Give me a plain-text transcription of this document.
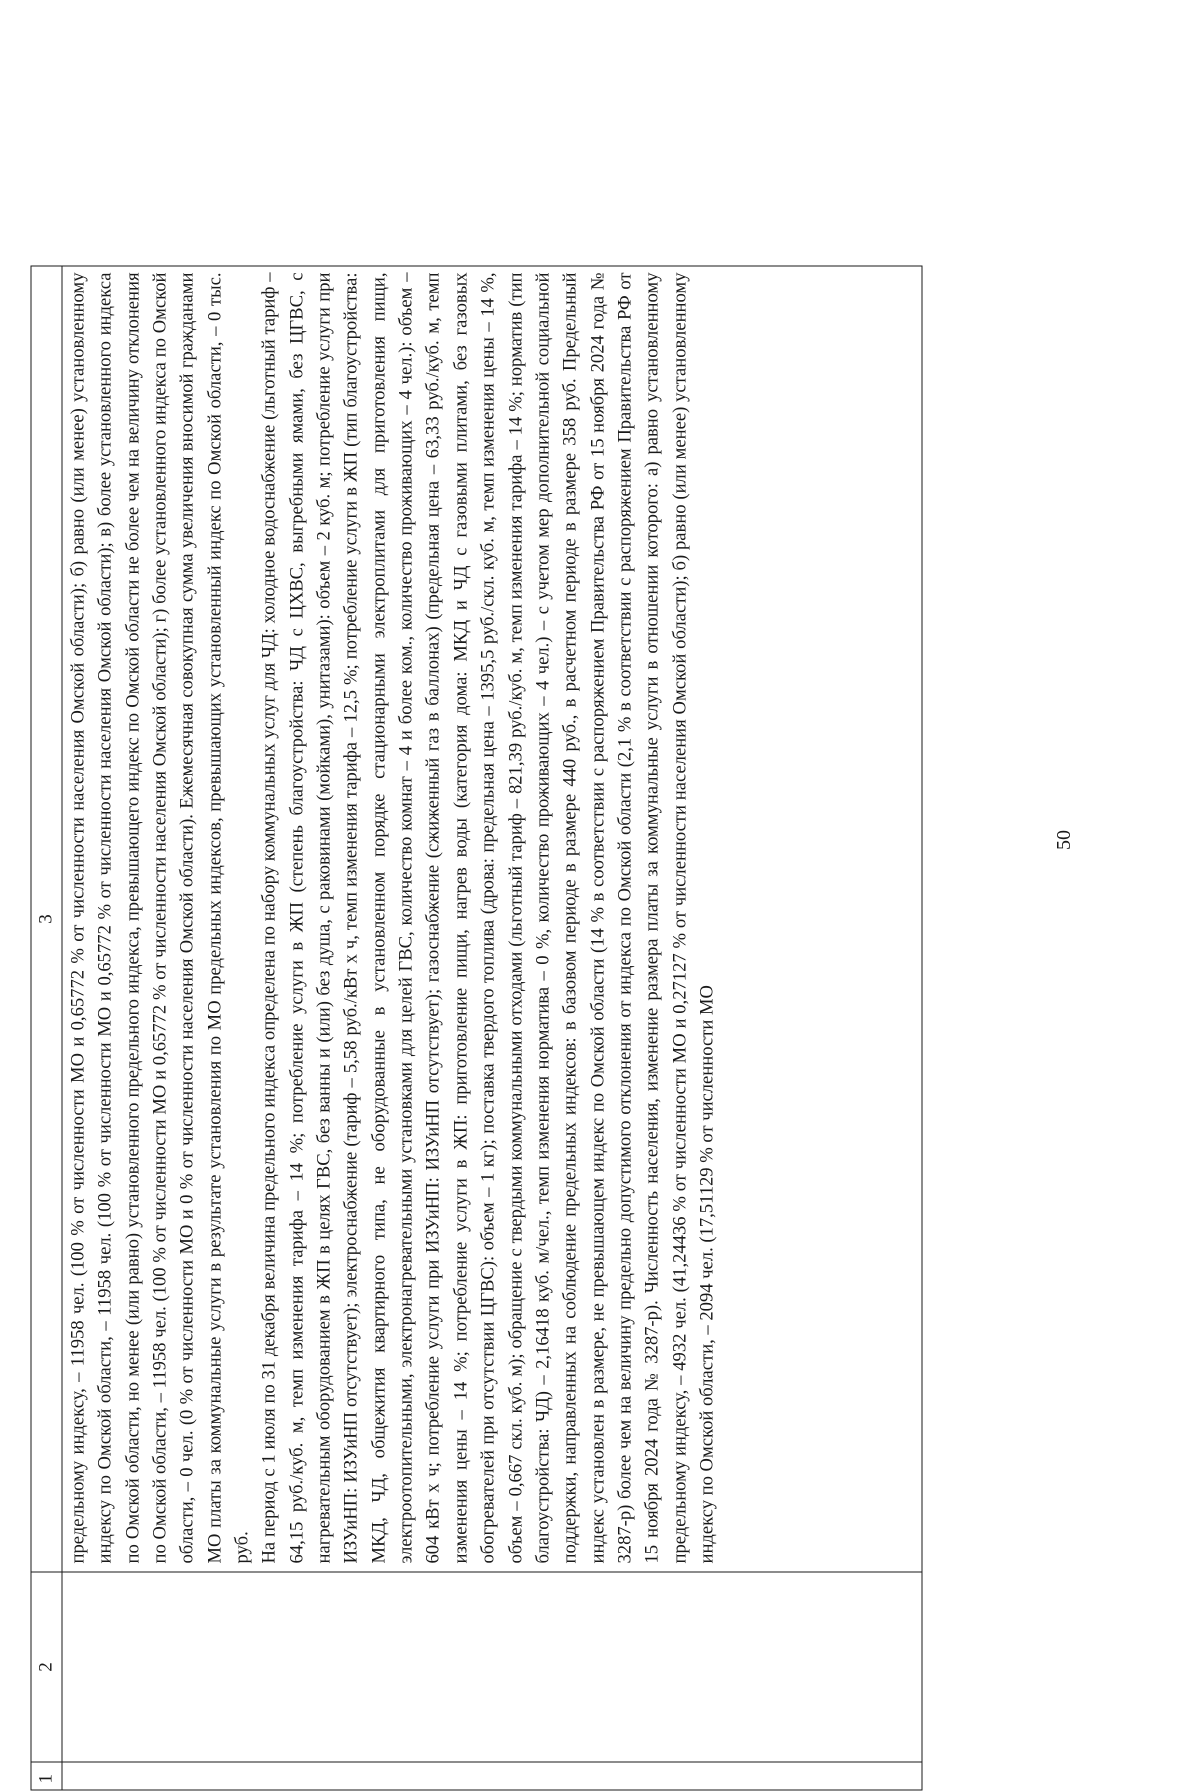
50
1
2
3 предельному индексу, – 11958 чел. (100 % от численности МО и 0,65772 % от численности населения Омской области); б) равно (или менее) установленному индексу по Омской области, – 11958 чел. (100 % от численности МО и 0,65772 % от численности населения Омской области); в) более установленного индекса по Омской области, но менее (или равно) установленного предельного индекса, превышающего индекс по Омской области не более чем на величину отклонения по Омской области, – 11958 чел. (100 % от численности МО и 0,65772 % от численности населения Омской области); г) более установленного индекса по Омской области, – 0 чел. (0 % от численности МО и 0 % от численности населения Омской области). Ежемесячная совокупная сумма увеличения вносимой гражданами МО платы за коммунальные услуги в результате установления по МО предельных индексов, превышающих установленный индекс по Омской области, – 0 тыс. руб. На период с 1 июля по 31 декабря величина предельного индекса определена по набору коммунальных услуг для ЧД: холодное водоснабжение (льготный тариф – 64,15 руб./куб. м, темп изменения тарифа – 14 %; потребление услуги в ЖП (степень благоустройства: ЧД с ЦХВС, выгребными ямами, без ЦГВС, с нагревательным оборудованием в ЖП в целях ГВС, без ванны и (или) без душа, с раковинами (мойками), унитазами): объем – 2 куб. м; потребление услуги при ИЗУиНП: ИЗУиНП отсутствует); электроснабжение (тариф – 5,58 руб./кВт х ч, темп изменения тарифа – 12,5 %; потребление услуги в ЖП (тип благоустройства: МКД, ЧД, общежития квартирного типа, не оборудованные в установленном порядке стационарными электроплитами для приготовления пищи, электроотопительными, электронагревательными установками для целей ГВС, количество комнат – 4 и более ком., количество проживающих – 4 чел.): объем – 604 кВт х ч; потребление услуги при ИЗУиНП: ИЗУиНП отсутствует); газоснабжение (сжиженный газ в баллонах) (предельная цена – 63,33 руб./куб. м, темп изменения цены – 14 %; потребление услуги в ЖП: приготовление пищи, нагрев воды (категория дома: МКД и ЧД с газовыми плитами, без газовых обогревателей при отсутствии ЦГВС): объем – 1 кг); поставка твердого топлива (дрова: предельная цена – 1395,5 руб./скл. куб. м, темп изменения цены – 14 %, объем – 0,667 скл. куб. м); обращение с твердыми коммунальными отходами (льготный тариф – 821,39 руб./куб. м, темп изменения тарифа – 14 %; норматив (тип благоустройства: ЧД) – 2,16418 куб. м/чел., темп изменения норматива – 0 %, количество проживающих – 4 чел.) – с учетом мер дополнительной социальной поддержки, направленных на соблюдение предельных индексов: в базовом периоде в размере 440 руб., в расчетном периоде в размере 358 руб. Предельный индекс установлен в размере, не превышающем индекс по Омской области (14 % в соответствии с распоряжением Правительства РФ от 15 ноября 2024 года № 3287-р) более чем на величину предельно допустимого отклонения от индекса по Омской области (2,1 % в соответствии с распоряжением Правительства РФ от 15 ноября 2024 года № 3287-р). Численность населения, изменение размера платы за коммунальные услуги в отношении которого: а) равно установленному предельному индексу, – 4932 чел. (41,24436 % от численности МО и 0,27127 % от численности населения Омской области); б) равно (или менее) установленному индексу по Омской области, – 2094 чел. (17,51129 % от численности МО
